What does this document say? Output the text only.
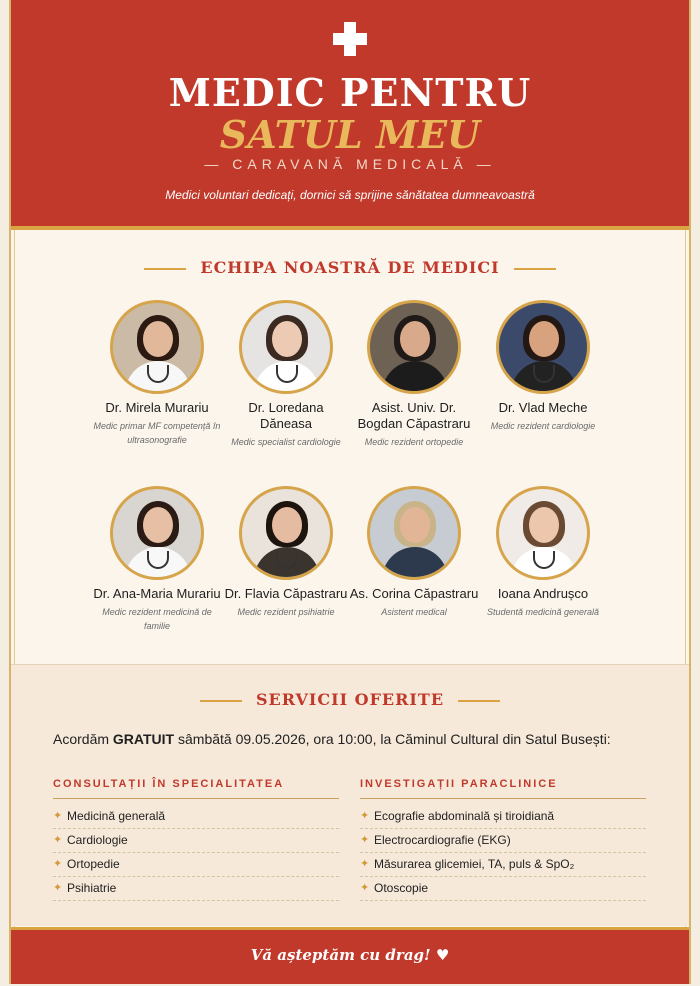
MEDIC PENTRU
SATUL MEU
— CARAVANĂ MEDICALĂ —
Medici voluntari dedicați, dornici să sprijine sănătatea dumneavoastră
ECHIPA NOASTRĂ DE MEDICI
Dr. Mirela Murariu
Medic primar MF competență în ultrasonografie
Dr. Loredana Dăneasa
Medic specialist cardiologie
Asist. Univ. Dr. Bogdan Căpastraru
Medic rezident ortopedie
Dr. Vlad Meche
Medic rezident cardiologie
Dr. Ana-Maria Murariu
Medic rezident medicină de familie
Dr. Flavia Căpastraru
Medic rezident psihiatrie
As. Corina Căpastraru
Asistent medical
Ioana Andrușco
Studentă medicină generală
SERVICII OFERITE
Acordăm GRATUIT sâmbătă 09.05.2026, ora 10:00, la Căminul Cultural din Satul Busești:
CONSULTAȚII ÎN SPECIALITATEA
✦ Medicină generală
✦ Cardiologie
✦ Ortopedie
✦ Psihiatrie
INVESTIGAȚII PARACLINICE
✦ Ecografie abdominală și tiroidiană
✦ Electrocardiografie (EKG)
✦ Măsurarea glicemiei, TA, puls & SpO₂
✦ Otoscopie
Vă așteptăm cu drag! ♥
